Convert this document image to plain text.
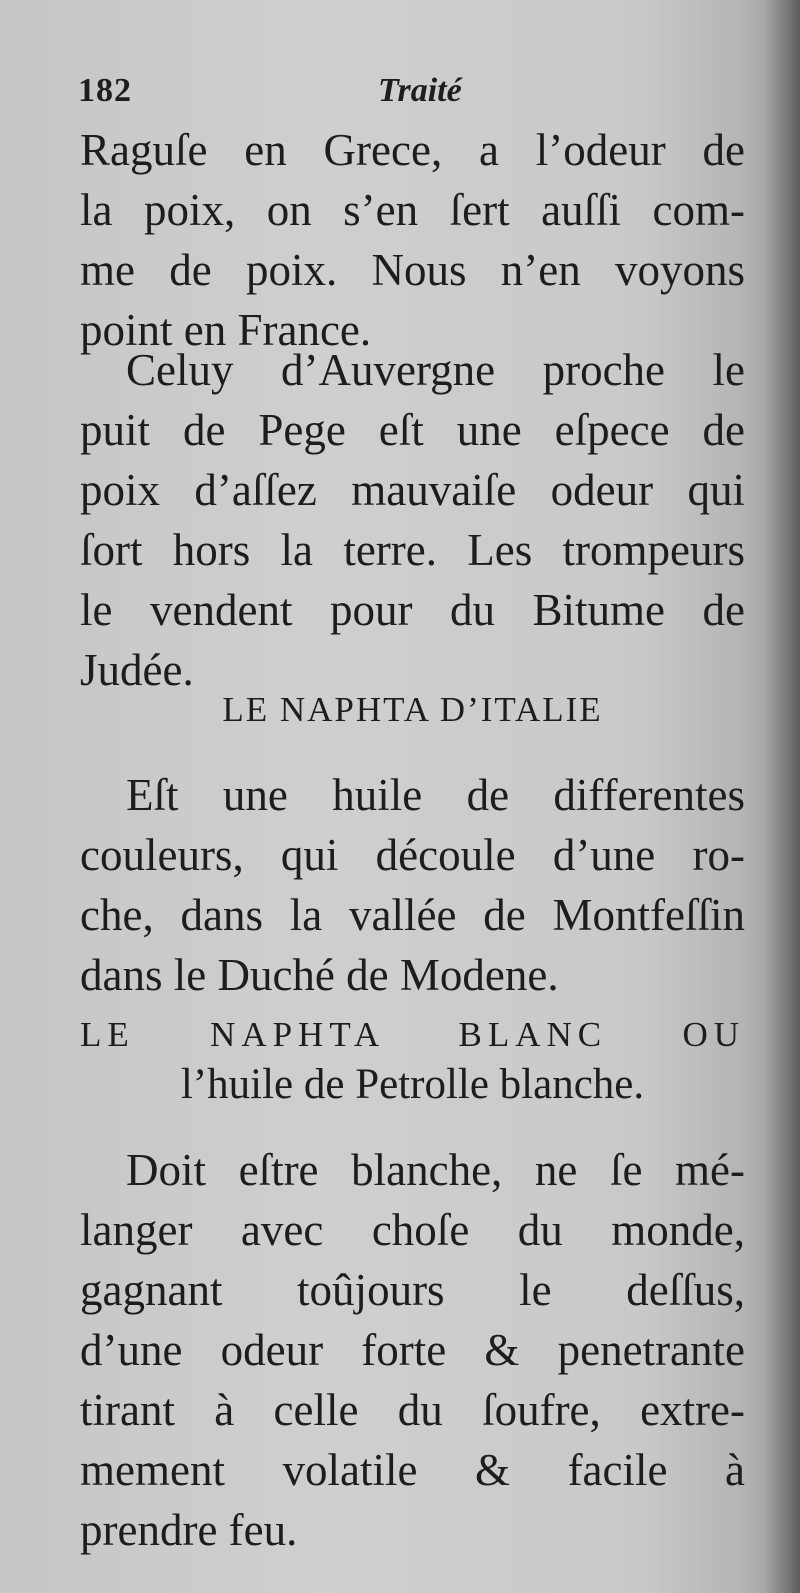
182	Traité
Raguſe en Grece, a l’odeur de
la poix, on s’en ſert auſſi com-
me de poix. Nous n’en voyons
point en France.
Celuy d’Auvergne proche le
puit de Pege eſt une eſpece de
poix d’aſſez mauvaiſe odeur qui
ſort hors la terre. Les trompeurs
le vendent pour du Bitume de
Judée.
LE NAPHTA D’ITALIE
Eſt une huile de differentes
couleurs, qui découle d’une ro-
che, dans la vallée de Montfeſſin
dans le Duché de Modene.
LE NAPHTA BLANC OU
l’huile de Petrolle blanche.
Doit eſtre blanche, ne ſe mé-
langer avec choſe du monde,
gagnant toûjours le deſſus,
d’une odeur forte & penetrante
tirant à celle du ſoufre, extre-
mement volatile & facile à
prendre feu.
